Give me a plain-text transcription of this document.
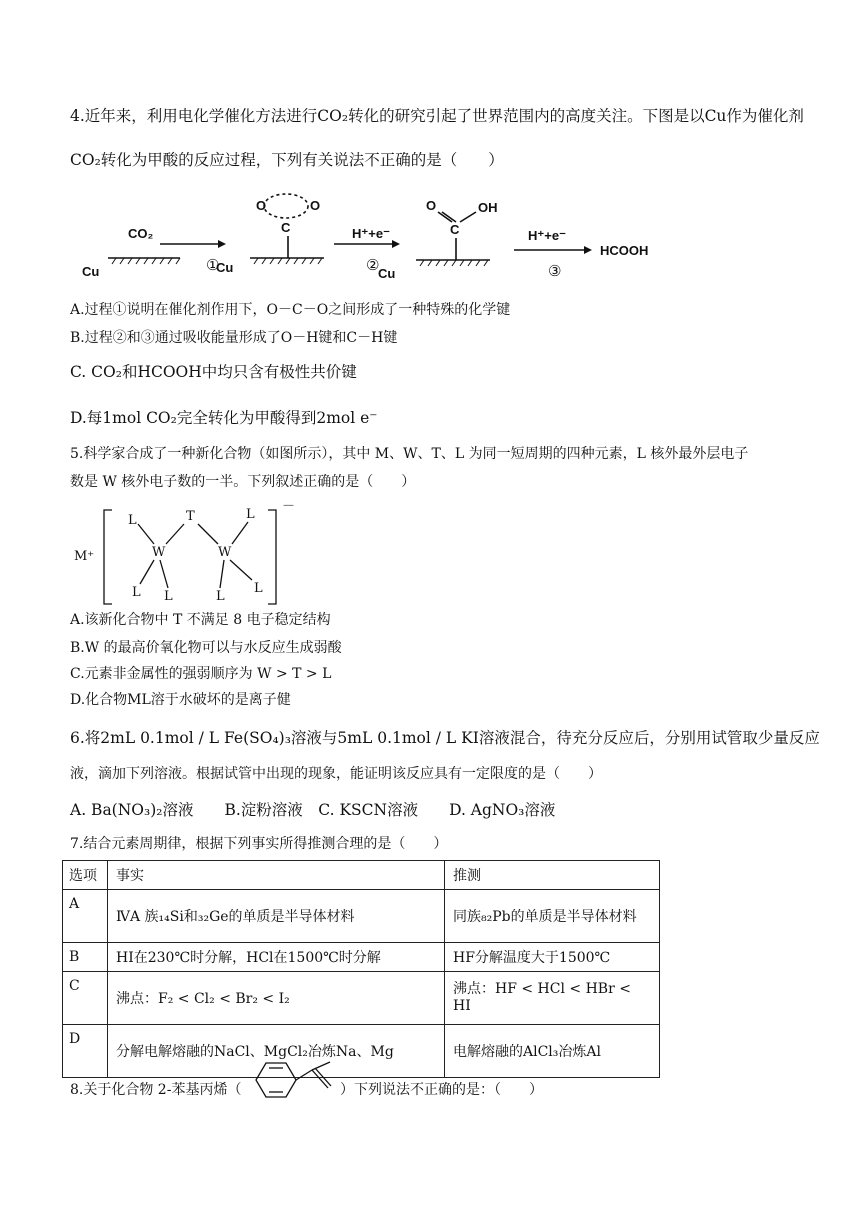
4.近年来，利用电化学催化方法进行CO₂转化的研究引起了世界范围内的高度关注。下图是以Cu作为催化剂
CO₂转化为甲酸的反应过程，下列有关说法不正确的是（　　）
CO₂
Cu	Cu	Cu
O	O
C	H⁺+e⁻
O	OH
C	H⁺+e⁻
HCOOH
①	②	③
A.过程①说明在催化剂作用下，O－C－O之间形成了一种特殊的化学键
B.过程②和③通过吸收能量形成了O－H键和C－H键
C. CO₂和HCOOH中均只含有极性共价键
D.每1mol CO₂完全转化为甲酸得到2mol e⁻
5.科学家合成了一种新化合物（如图所示），其中 M、W、T、L 为同一短周期的四种元素，L 核外最外层电子
数是 W 核外电子数的一半。下列叙述正确的是（　　）
M⁺
－
T
W	W
L	L
L L	L
L
A.该新化合物中 T 不满足 8 电子稳定结构
B.W 的最高价氧化物可以与水反应生成弱酸
C.元素非金属性的强弱顺序为 W > T > L
D.化合物ML溶于水破坏的是离子健
6.将2mL 0.1mol / L Fe(SO₄)₃溶液与5mL 0.1mol / L KI溶液混合，待充分反应后，分别用试管取少量反应
液，滴加下列溶液。根据试管中出现的现象，能证明该反应具有一定限度的是（　　）
A. Ba(NO₃)₂溶液　　B.淀粉溶液　C. KSCN溶液　　D. AgNO₃溶液
7.结合元素周期律，根据下列事实所得推测合理的是（　　）
选项	事实	推测
A	ⅣA 族₁₄Si和₃₂Ge的单质是半导体材料	同族₈₂Pb的单质是半导体材料
B	HI在230℃时分解，HCl在1500℃时分解	HF分解温度大于1500℃
C	沸点：F₂ < Cl₂ < Br₂ < I₂	沸点：HF < HCl < HBr < HI
D	分解电解熔融的NaCl、MgCl₂冶炼Na、Mg	电解熔融的AlCl₃冶炼Al
8.关于化合物 2-苯基丙烯（	）下列说法不正确的是：（　　）
